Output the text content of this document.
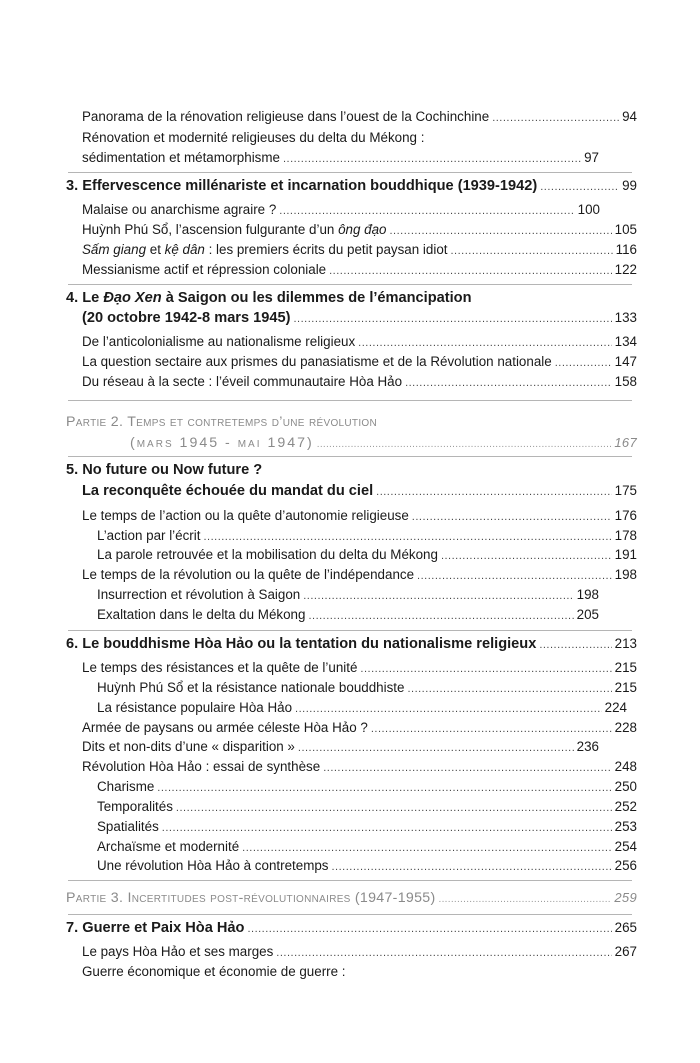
Panorama de la rénovation religieuse dans l’ouest de la Cochinchine .....	94
Rénovation et modernité religieuses du delta du Mékong :
sédimentation et métamorphisme .....	97
3. Effervescence millénariste et incarnation bouddhique (1939-1942) .....	99
Malaise ou anarchisme agraire ? .....	100
Huỳnh Phú Sổ, l’ascension fulgurante d’un ông đạo .....	105
Sấm giang et kệ dân : les premiers écrits du petit paysan idiot .....	116
Messianisme actif et répression coloniale .....	122
4. Le Đạo Xen à Saigon ou les dilemmes de l’émancipation
(20 octobre 1942-8 mars 1945) .....	133
De l’anticolonialisme au nationalisme religieux .....	134
La question sectaire aux prismes du panasiatisme et de la Révolution nationale .....	147
Du réseau à la secte : l’éveil communautaire Hòa Hảo .....	158
Partie 2. Temps et contretemps d’une révolution
(mars 1945 - mai 1947) .....	167
5. No future ou Now future ?
La reconquête échouée du mandat du ciel .....	175
Le temps de l’action ou la quête d’autonomie religieuse .....	176
L’action par l’écrit .....	178
La parole retrouvée et la mobilisation du delta du Mékong .....	191
Le temps de la révolution ou la quête de l’indépendance .....	198
Insurrection et révolution à Saigon .....	198
Exaltation dans le delta du Mékong .....	205
6. Le bouddhisme Hòa Hảo ou la tentation du nationalisme religieux .....	213
Le temps des résistances et la quête de l’unité .....	215
Huỳnh Phú Sổ et la résistance nationale bouddhiste .....	215
La résistance populaire Hòa Hảo .....	224
Armée de paysans ou armée céleste Hòa Hảo ? .....	228
Dits et non-dits d’une « disparition » .....	236
Révolution Hòa Hảo : essai de synthèse .....	248
Charisme .....	250
Temporalités .....	252
Spatialités .....	253
Archaïsme et modernité .....	254
Une révolution Hòa Hảo à contretemps .....	256
Partie 3. Incertitudes post-révolutionnaires (1947-1955) .....	259
7. Guerre et Paix Hòa Hảo .....	265
Le pays Hòa Hảo et ses marges .....	267
Guerre économique et économie de guerre :
